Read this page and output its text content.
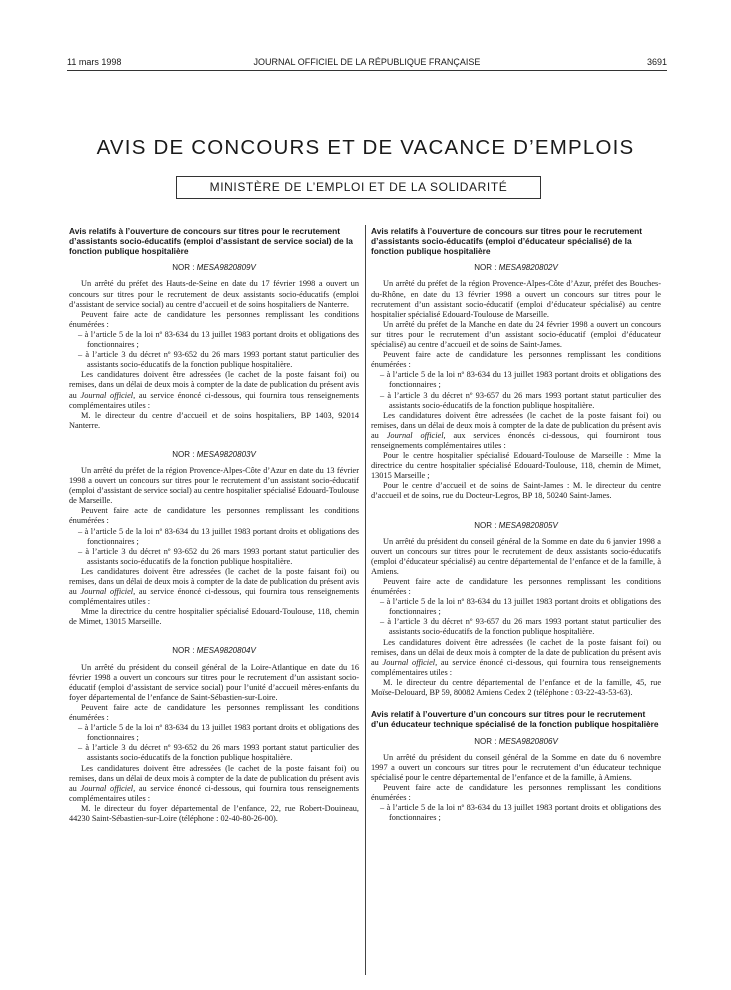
11 mars 1998	JOURNAL OFFICIEL DE LA RÉPUBLIQUE FRANÇAISE	3691
AVIS DE CONCOURS ET DE VACANCE D’EMPLOIS
MINISTÈRE DE L’EMPLOI ET DE LA SOLIDARITÉ
Avis relatifs à l’ouverture de concours sur titres pour le recrutement d’assistants socio-éducatifs (emploi d’assistant de service social) de la fonction publique hospitalière
NOR : MESA9820809V

Un arrêté du préfet des Hauts-de-Seine en date du 17 février 1998 a ouvert un concours sur titres pour le recrutement de deux assistants socio-éducatifs (emploi d’assistant de service social) au centre d’accueil et de soins hospitaliers de Nanterre.

Peuvent faire acte de candidature les personnes remplissant les conditions énumérées :

– à l’article 5 de la loi nº 83-634 du 13 juillet 1983 portant droits et obligations des fonctionnaires ;

– à l’article 3 du décret nº 93-652 du 26 mars 1993 portant statut particulier des assistants socio-éducatifs de la fonction publique hospitalière.

Les candidatures doivent être adressées (le cachet de la poste faisant foi) ou remises, dans un délai de deux mois à compter de la date de publication du présent avis au Journal officiel, au service énoncé ci-dessous, qui fournira tous renseignements complémentaires utiles :

M. le directeur du centre d’accueil et de soins hospitaliers, BP 1403, 92014 Nanterre.

NOR : MESA9820803V

Un arrêté du préfet de la région Provence-Alpes-Côte d’Azur en date du 13 février 1998 a ouvert un concours sur titres pour le recrutement d’un assistant socio-éducatif (emploi d’assistant de service social) au centre hospitalier spécialisé Edouard-Toulouse de Marseille.

Peuvent faire acte de candidature les personnes remplissant les conditions énumérées :

– à l’article 5 de la loi nº 83-634 du 13 juillet 1983 portant droits et obligations des fonctionnaires ;

– à l’article 3 du décret nº 93-652 du 26 mars 1993 portant statut particulier des assistants socio-éducatifs de la fonction publique hospitalière.

Les candidatures doivent être adressées (le cachet de la poste faisant foi) ou remises, dans un délai de deux mois à compter de la date de publication du présent avis au Journal officiel, au service énoncé ci-dessous, qui fournira tous renseignements complémentaires utiles :

Mme la directrice du centre hospitalier spécialisé Edouard-Toulouse, 118, chemin de Mimet, 13015 Marseille.

NOR : MESA9820804V

Un arrêté du président du conseil général de la Loire-Atlantique en date du 16 février 1998 a ouvert un concours sur titres pour le recrutement d’un assistant socio-éducatif (emploi d’assistant de service social) pour l’unité d’accueil mères-enfants du foyer départemental de l’enfance de Saint-Sébastien-sur-Loire.

Peuvent faire acte de candidature les personnes remplissant les conditions énumérées :

– à l’article 5 de la loi nº 83-634 du 13 juillet 1983 portant droits et obligations des fonctionnaires ;

– à l’article 3 du décret nº 93-652 du 26 mars 1993 portant statut particulier des assistants socio-éducatifs de la fonction publique hospitalière.

Les candidatures doivent être adressées (le cachet de la poste faisant foi) ou remises, dans un délai de deux mois à compter de la date de publication du présent avis au Journal officiel, au service énoncé ci-dessous, qui fournira tous renseignements complémentaires utiles :

M. le directeur du foyer départemental de l’enfance, 22, rue Robert-Douineau, 44230 Saint-Sébastien-sur-Loire (téléphone : 02-40-80-26-00).

Avis relatifs à l’ouverture de concours sur titres pour le recrutement d’assistants socio-éducatifs (emploi d’éducateur spécialisé) de la fonction publique hospitalière
NOR : MESA9820802V

Un arrêté du préfet de la région Provence-Alpes-Côte d’Azur, préfet des Bouches-du-Rhône, en date du 13 février 1998 a ouvert un concours sur titres pour le recrutement d’un assistant socio-éducatif (emploi d’éducateur spécialisé) au centre hospitalier spécialisé Edouard-Toulouse de Marseille.

Un arrêté du préfet de la Manche en date du 24 février 1998 a ouvert un concours sur titres pour le recrutement d’un assistant socio-éducatif (emploi d’éducateur spécialisé) au centre d’accueil et de soins de Saint-James.

Peuvent faire acte de candidature les personnes remplissant les conditions énumérées :

– à l’article 5 de la loi nº 83-634 du 13 juillet 1983 portant droits et obligations des fonctionnaires ;

– à l’article 3 du décret nº 93-657 du 26 mars 1993 portant statut particulier des assistants socio-éducatifs de la fonction publique hospitalière.

Les candidatures doivent être adressées (le cachet de la poste faisant foi) ou remises, dans un délai de deux mois à compter de la date de publication du présent avis au Journal officiel, aux services énoncés ci-dessous, qui fourniront tous renseignements complémentaires utiles :

Pour le centre hospitalier spécialisé Edouard-Toulouse de Marseille : Mme la directrice du centre hospitalier spécialisé Edouard-Toulouse, 118, chemin de Mimet, 13015 Marseille ;

Pour le centre d’accueil et de soins de Saint-James : M. le directeur du centre d’accueil et de soins, rue du Docteur-Legros, BP 18, 50240 Saint-James.

NOR : MESA9820805V

Un arrêté du président du conseil général de la Somme en date du 6 janvier 1998 a ouvert un concours sur titres pour le recrutement de deux assistants socio-éducatifs (emploi d’éducateur spécialisé) au centre départemental de l’enfance et de la famille, à Amiens.

Peuvent faire acte de candidature les personnes remplissant les conditions énumérées :

– à l’article 5 de la loi nº 83-634 du 13 juillet 1983 portant droits et obligations des fonctionnaires ;

– à l’article 3 du décret nº 93-657 du 26 mars 1993 portant statut particulier des assistants socio-éducatifs de la fonction publique hospitalière.

Les candidatures doivent être adressées (le cachet de la poste faisant foi) ou remises, dans un délai de deux mois à compter de la date de publication du présent avis au Journal officiel, au service énoncé ci-dessous, qui fournira tous renseignements complémentaires utiles :

M. le directeur du centre départemental de l’enfance et de la famille, 45, rue Moïse-Delouard, BP 59, 80082 Amiens Cedex 2 (téléphone : 03-22-43-53-63).

Avis relatif à l’ouverture d’un concours sur titres pour le recrutement d’un éducateur technique spécialisé de la fonction publique hospitalière
NOR : MESA9820806V

Un arrêté du président du conseil général de la Somme en date du 6 novembre 1997 a ouvert un concours sur titres pour le recrutement d’un éducateur technique spécialisé pour le centre départemental de l’enfance et de la famille, à Amiens.

Peuvent faire acte de candidature les personnes remplissant les conditions énumérées :

– à l’article 5 de la loi nº 83-634 du 13 juillet 1983 portant droits et obligations des fonctionnaires ;
